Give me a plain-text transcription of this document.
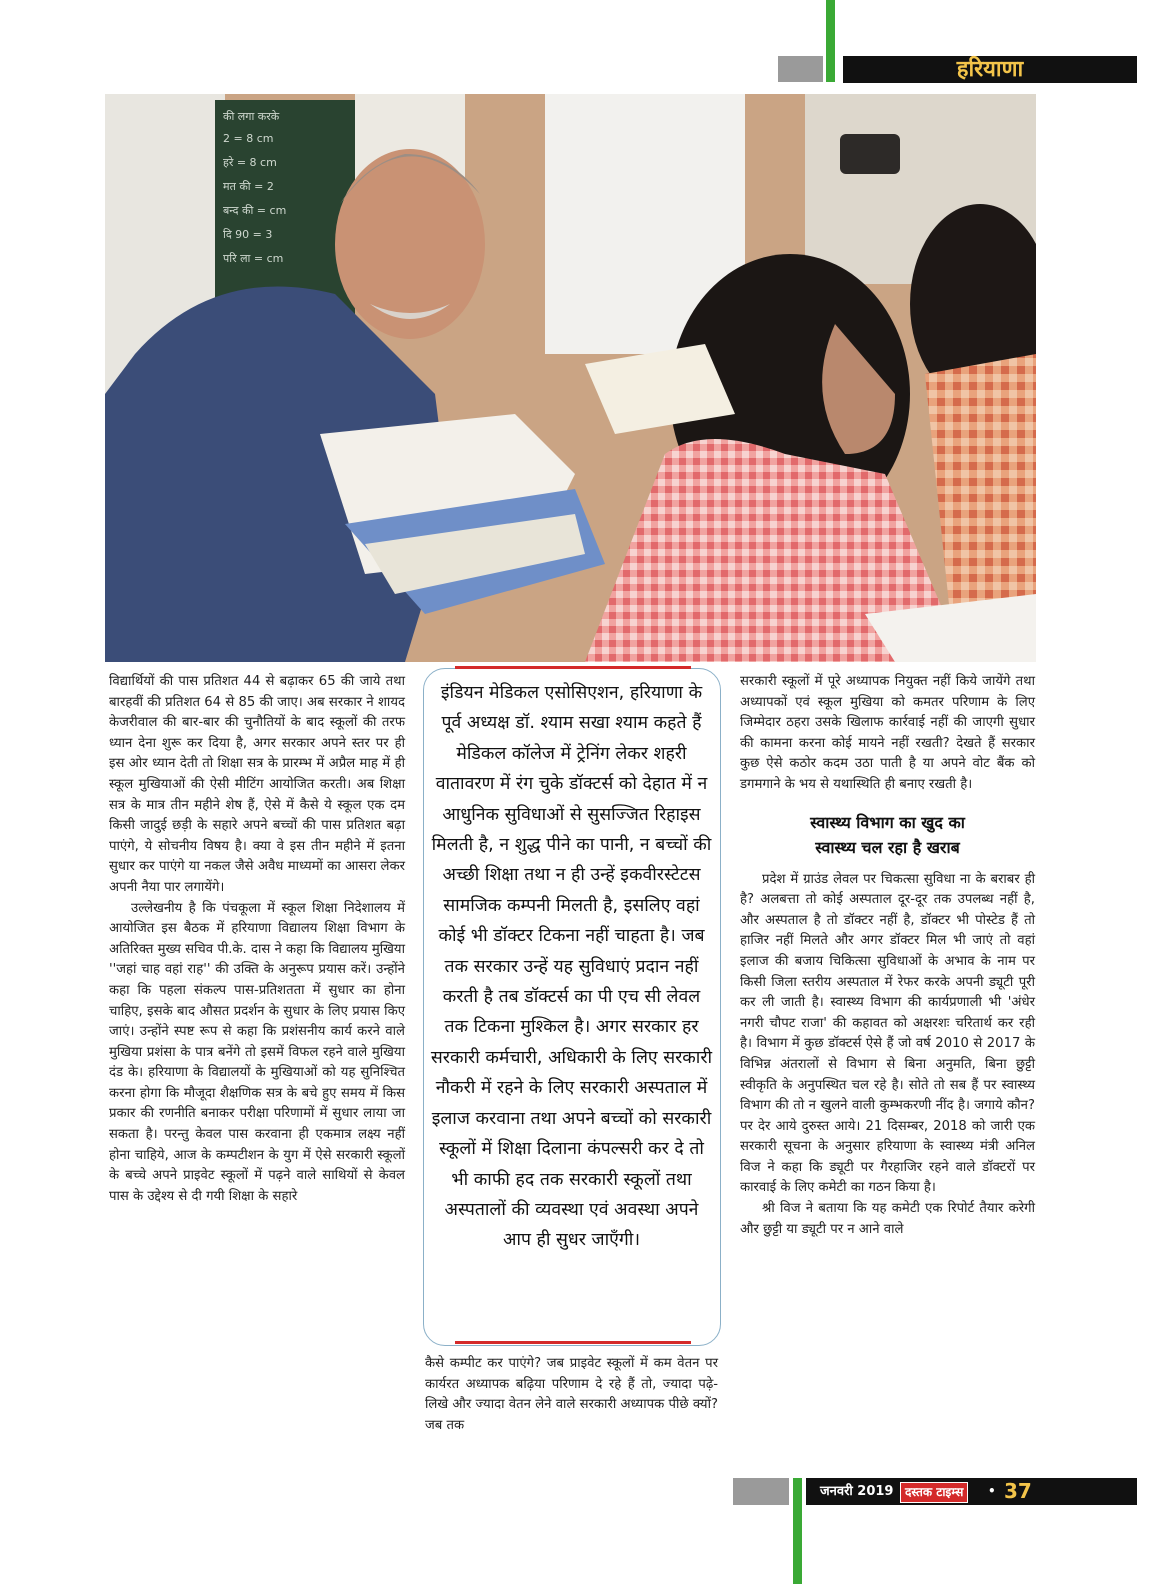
हरियाणा
की लगा करके
2 = 8 cm
हरे = 8 cm
मत की = 2
बन्द की = cm
दि 90 = 3
परि ला = cm

विद्यार्थियों की पास प्रतिशत 44 से बढ़ाकर 65 की जाये तथा बारहवीं की प्रतिशत 64 से 85 की जाए। अब सरकार ने शायद केजरीवाल की बार-बार की चुनौतियों के बाद स्कूलों की तरफ ध्यान देना शुरू कर दिया है, अगर सरकार अपने स्तर पर ही इस ओर ध्यान देती तो शिक्षा सत्र के प्रारम्भ में अप्रैल माह में ही स्कूल मुखियाओं की ऐसी मीटिंग आयोजित करती। अब शिक्षा सत्र के मात्र तीन महीने शेष हैं, ऐसे में कैसे ये स्कूल एक दम किसी जादुई छड़ी के सहारे अपने बच्चों की पास प्रतिशत बढ़ा पाएंगे, ये सोचनीय विषय है। क्या वे इस तीन महीने में इतना सुधार कर पाएंगे या नकल जैसे अवैध माध्यमों का आसरा लेकर अपनी नैया पार लगायेंगे।

उल्लेखनीय है कि पंचकूला में स्कूल शिक्षा निदेशालय में आयोजित इस बैठक में हरियाणा विद्यालय शिक्षा विभाग के अतिरिक्त मुख्य सचिव पी.के. दास ने कहा कि विद्यालय मुखिया ''जहां चाह वहां राह'' की उक्ति के अनुरूप प्रयास करें। उन्होंने कहा कि पहला संकल्प पास-प्रतिशतता में सुधार का होना चाहिए, इसके बाद औसत प्रदर्शन के सुधार के लिए प्रयास किए जाएं। उन्होंने स्पष्ट रूप से कहा कि प्रशंसनीय कार्य करने वाले मुखिया प्रशंसा के पात्र बनेंगे तो इसमें विफल रहने वाले मुखिया दंड के। हरियाणा के विद्यालयों के मुखियाओं को यह सुनिश्चित करना होगा कि मौजूदा शैक्षणिक सत्र के बचे हुए समय में किस प्रकार की रणनीति बनाकर परीक्षा परिणामों में सुधार लाया जा सकता है। परन्तु केवल पास करवाना ही एकमात्र लक्ष्य नहीं होना चाहिये, आज के कम्पटीशन के युग में ऐसे सरकारी स्कूलों के बच्चे अपने प्राइवेट स्कूलों में पढ़ने वाले साथियों से केवल पास के उद्देश्य से दी गयी शिक्षा के सहारे

इंडियन मेडिकल एसोसिएशन, हरियाणा के पूर्व अध्यक्ष डॉ. श्याम सखा श्याम कहते हैं मेडिकल कॉलेज में ट्रेनिंग लेकर शहरी वातावरण में रंग चुके डॉक्टर्स को देहात में न आधुनिक सुविधाओं से सुसज्जित रिहाइस मिलती है, न शुद्ध पीने का पानी, न बच्चों की अच्छी शिक्षा तथा न ही उन्हें इकवीरस्टेटस सामजिक कम्पनी मिलती है, इसलिए वहां कोई भी डॉक्टर टिकना नहीं चाहता है। जब तक सरकार उन्हें यह सुविधाएं प्रदान नहीं करती है तब डॉक्टर्स का पी एच सी लेवल तक टिकना मुश्किल है। अगर सरकार हर सरकारी कर्मचारी, अधिकारी के लिए सरकारी नौकरी में रहने के लिए सरकारी अस्पताल में इलाज करवाना तथा अपने बच्चों को सरकारी स्कूलों में शिक्षा दिलाना कंपल्सरी कर दे तो भी काफी हद तक सरकारी स्कूलों तथा अस्पतालों की व्यवस्था एवं अवस्था अपने आप ही सुधर जाएँगी।

कैसे कम्पीट कर पाएंगे? जब प्राइवेट स्कूलों में कम वेतन पर कार्यरत अध्यापक बढ़िया परिणाम दे रहे हैं तो, ज्यादा पढ़े-लिखे और ज्यादा वेतन लेने वाले सरकारी अध्यापक पीछे क्यों? जब तक

सरकारी स्कूलों में पूरे अध्यापक नियुक्त नहीं किये जायेंगे तथा अध्यापकों एवं स्कूल मुखिया को कमतर परिणाम के लिए जिम्मेदार ठहरा उसके खिलाफ कार्रवाई नहीं की जाएगी सुधार की कामना करना कोई मायने नहीं रखती? देखते हैं सरकार कुछ ऐसे कठोर कदम उठा पाती है या अपने वोट बैंक को डगमगाने के भय से यथास्थिति ही बनाए रखती है।

स्वास्थ्य विभाग का खुद का
स्वास्थ्य चल रहा है खराब

प्रदेश में ग्राउंड लेवल पर चिकत्सा सुविधा ना के बराबर ही है? अलबत्ता तो कोई अस्पताल दूर-दूर तक उपलब्ध नहीं है, और अस्पताल है तो डॉक्टर नहीं है, डॉक्टर भी पोस्टेड हैं तो हाजिर नहीं मिलते और अगर डॉक्टर मिल भी जाएं तो वहां इलाज की बजाय चिकित्सा सुविधाओं के अभाव के नाम पर किसी जिला स्तरीय अस्पताल में रेफर करके अपनी ड्यूटी पूरी कर ली जाती है। स्वास्थ्य विभाग की कार्यप्रणाली भी 'अंधेर नगरी चौपट राजा' की कहावत को अक्षरशः चरितार्थ कर रही है। विभाग में कुछ डॉक्टर्स ऐसे हैं जो वर्ष 2010 से 2017 के विभिन्न अंतरालों से विभाग से बिना अनुमति, बिना छुट्टी स्वीकृति के अनुपस्थित चल रहे है। सोते तो सब हैं पर स्वास्थ्य विभाग की तो न खुलने वाली कुम्भकरणी नींद है। जगाये कौन? पर देर आये दुरुस्त आये। 21 दिसम्बर, 2018 को जारी एक सरकारी सूचना के अनुसार हरियाणा के स्वास्थ्य मंत्री अनिल विज ने कहा कि ड्यूटी पर गैरहाजिर रहने वाले डॉक्टरों पर कारवाई के लिए कमेटी का गठन किया है।

श्री विज ने बताया कि यह कमेटी एक रिपोर्ट तैयार करेगी और छुट्टी या ड्यूटी पर न आने वाले

जनवरी 2019 दस्तक टाइम्स	• 37
